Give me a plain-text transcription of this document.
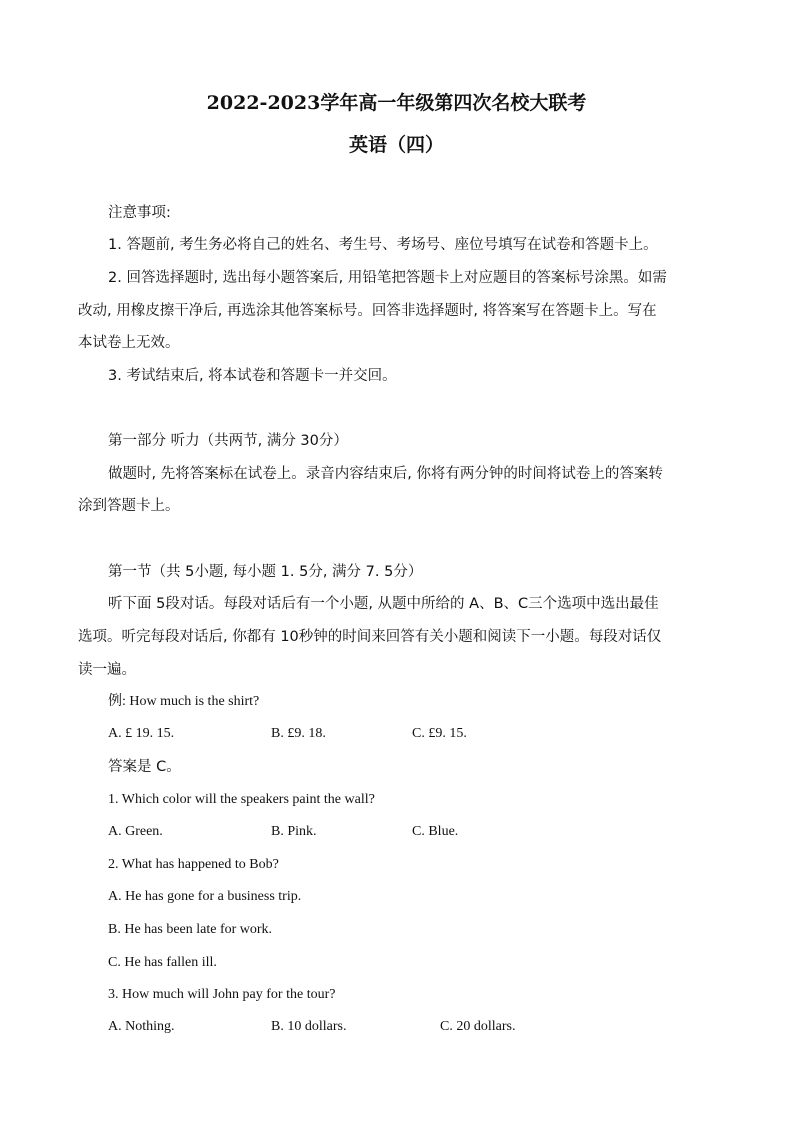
2022-2023学年高一年级第四次名校大联考
英语（四）
注意事项:
1. 答题前, 考生务必将自己的姓名、考生号、考场号、座位号填写在试卷和答题卡上。
2. 回答选择题时, 选出每小题答案后, 用铅笔把答题卡上对应题目的答案标号涂黑。如需
改动, 用橡皮擦干净后, 再选涂其他答案标号。回答非选择题时, 将答案写在答题卡上。写在
本试卷上无效。
3. 考试结束后, 将本试卷和答题卡一并交回。
第一部分 听力（共两节, 满分 30分）
做题时, 先将答案标在试卷上。录音内容结束后, 你将有两分钟的时间将试卷上的答案转
涂到答题卡上。
第一节（共 5小题, 每小题 1. 5分, 满分 7. 5分）
听下面 5段对话。每段对话后有一个小题, 从题中所给的 A、B、C三个选项中选出最佳
选项。听完每段对话后, 你都有 10秒钟的时间来回答有关小题和阅读下一小题。每段对话仅
读一遍。
例: How much is the shirt?
A. £ 19. 15.	B. £9. 18.	C. £9. 15.
答案是 C。
1. Which color will the speakers paint the wall?
A. Green.	B. Pink.	C. Blue.
2. What has happened to Bob?
A. He has gone for a business trip.
B. He has been late for work.
C. He has fallen ill.
3. How much will John pay for the tour?
A. Nothing.	B. 10 dollars.	C. 20 dollars.
